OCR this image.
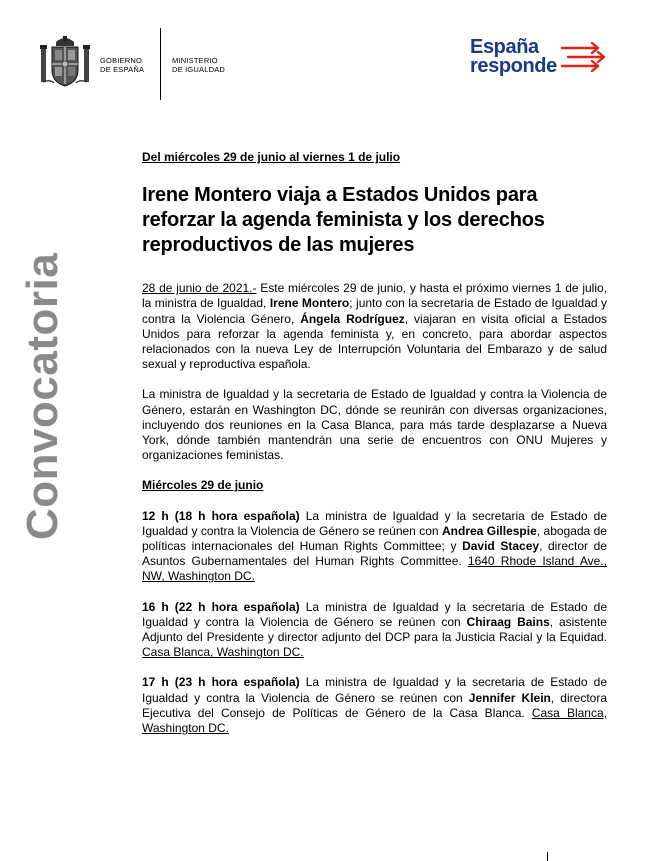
GOBIERNO
DE ESPAÑA
MINISTERIO
DE IGUALDAD
España
responde
Convocatoria

Del miércoles 29 de junio al viernes 1 de julio

Irene Montero viaja a Estados Unidos para reforzar la agenda feminista y los derechos reproductivos de las mujeres

28 de junio de 2021.- Este miércoles 29 de junio, y hasta el próximo viernes 1 de julio, la ministra de Igualdad, Irene Montero; junto con la secretaria de Estado de Igualdad y contra la Violencia Género, Ángela Rodríguez, viajaran en visita oficial a Estados Unidos para reforzar la agenda feminista y, en concreto, para abordar aspectos relacionados con la nueva Ley de Interrupción Voluntaria del Embarazo y de salud sexual y reproductiva española.

La ministra de Igualdad y la secretaria de Estado de Igualdad y contra la Violencia de Género, estarán en Washington DC, dónde se reunirán con diversas organizaciones, incluyendo dos reuniones en la Casa Blanca, para más tarde desplazarse a Nueva York, dónde también mantendrán una serie de encuentros con ONU Mujeres y organizaciones feministas.

Miércoles 29 de junio

12 h (18 h hora española) La ministra de Igualdad y la secretaria de Estado de Igualdad y contra la Violencia de Género se reúnen con Andrea Gillespie, abogada de políticas internacionales del Human Rights Committee; y David Stacey, director de Asuntos Gubernamentales del Human Rights Committee. 1640 Rhode Island Ave., NW, Washington DC.

16 h (22 h hora española) La ministra de Igualdad y la secretaria de Estado de Igualdad y contra la Violencia de Género se reúnen con Chiraag Bains, asistente Adjunto del Presidente y director adjunto del DCP para la Justicia Racial y la Equidad. Casa Blanca, Washington DC.

17 h (23 h hora española) La ministra de Igualdad y la secretaria de Estado de Igualdad y contra la Violencia de Género se reúnen con Jennifer Klein, directora Ejecutiva del Consejo de Políticas de Género de la Casa Blanca. Casa Blanca, Washington DC.
